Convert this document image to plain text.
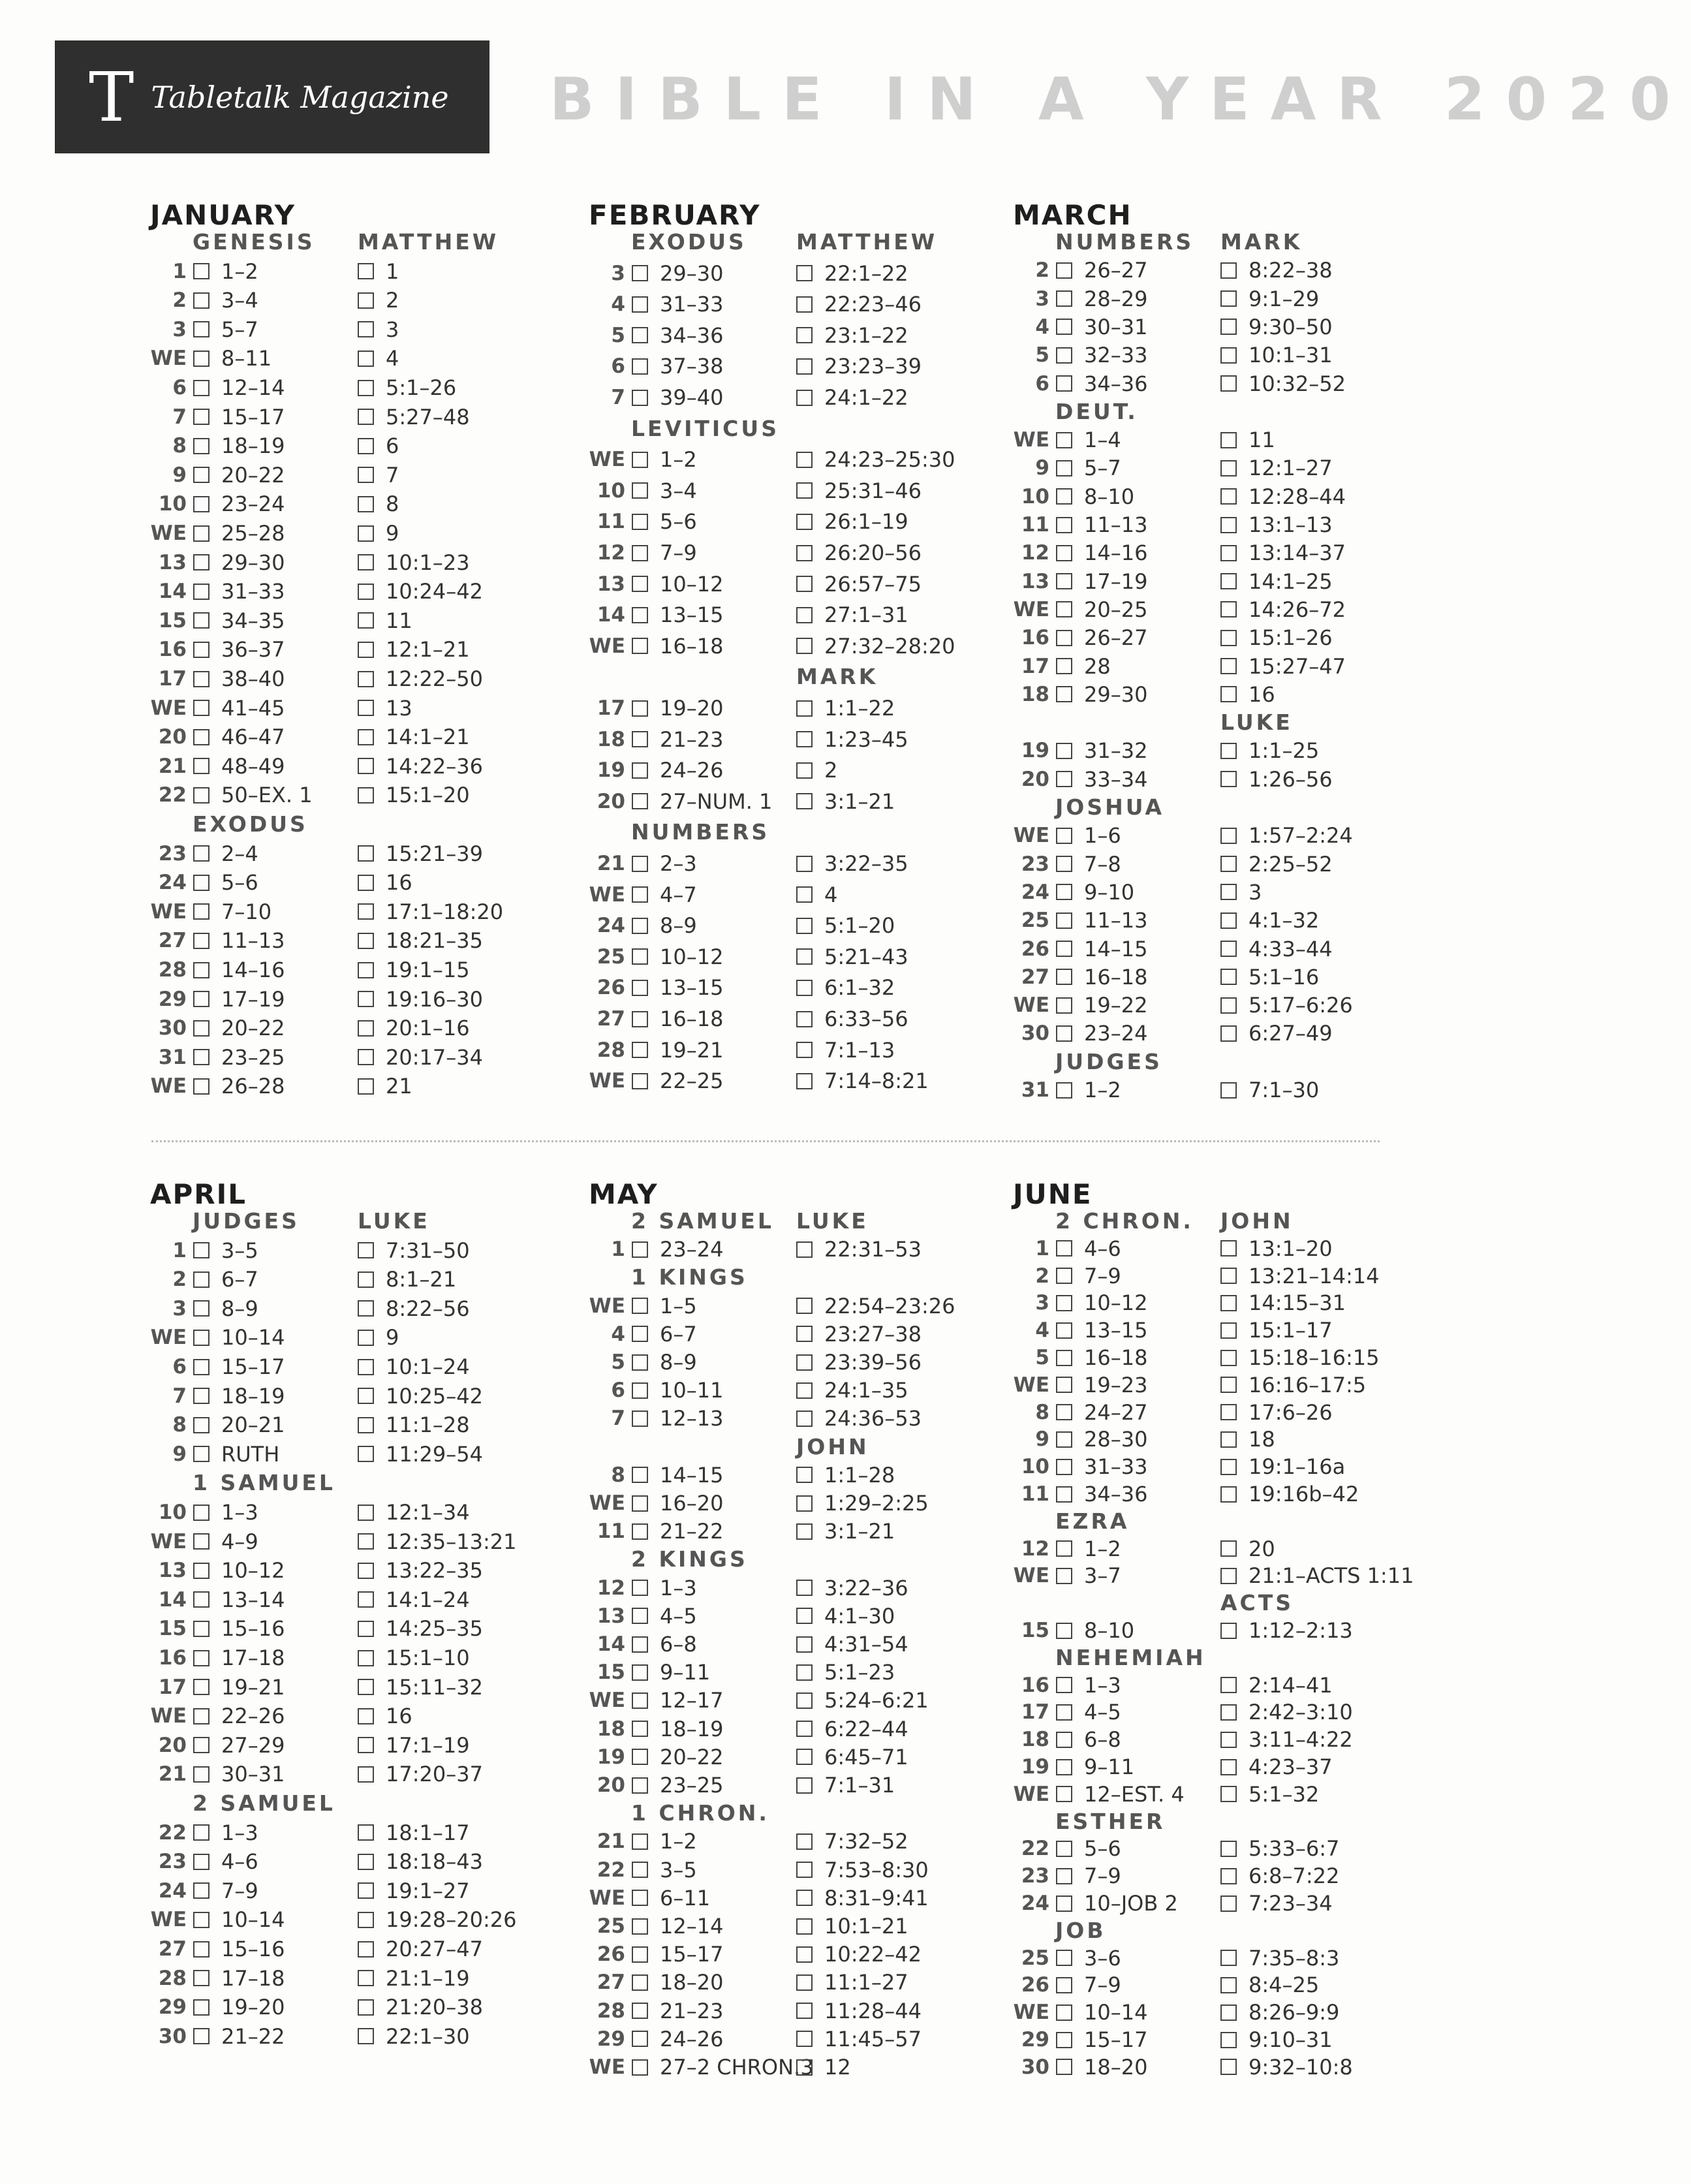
T Tabletalk Magazine BIBLE IN A YEAR 2020
JANUARY
GENESIS
1 1–2
2 3–4
3 5–7
WE 8–11
6 12–14
7 15–17
8 18–19
9 20–22
10 23–24
WE 25–28
13 29–30
14 31–33
15 34–35
16 36–37
17 38–40
WE 41–45
20 46–47
21 48–49
22 50–EX. 1
EXODUS
23 2–4
24 5–6
WE 7–10
27 11–13
28 14–16
29 17–19
30 20–22
31 23–25
WE 26–28
MATTHEW
1
2
3
4
5:1–26
5:27–48
6
7
8
9
10:1–23
10:24–42
11
12:1–21
12:22–50
13
14:1–21
14:22–36
15:1–20
15:21–39
16
17:1–18:20
18:21–35
19:1–15
19:16–30
20:1–16
20:17–34
21
FEBRUARY
EXODUS
3 29–30
4 31–33
5 34–36
6 37–38
7 39–40
LEVITICUS
WE 1–2
10 3–4
11 5–6
12 7–9
13 10–12
14 13–15
WE 16–18
17 19–20
18 21–23
19 24–26
20 27–NUM. 1
NUMBERS
21 2–3
WE 4–7
24 8–9
25 10–12
26 13–15
27 16–18
28 19–21
WE 22–25
MATTHEW
22:1–22
22:23–46
23:1–22
23:23–39
24:1–22
24:23–25:30
25:31–46
26:1–19
26:20–56
26:57–75
27:1–31
27:32–28:20
MARK
1:1–22
1:23–45
2
3:1–21
3:22–35
4
5:1–20
5:21–43
6:1–32
6:33–56
7:1–13
7:14–8:21
MARCH
NUMBERS
2 26–27
3 28–29
4 30–31
5 32–33
6 34–36
DEUT.
WE 1–4
9 5–7
10 8–10
11 11–13
12 14–16
13 17–19
WE 20–25
16 26–27
17 28
18 29–30
19 31–32
20 33–34
JOSHUA
WE 1–6
23 7–8
24 9–10
25 11–13
26 14–15
27 16–18
WE 19–22
30 23–24
JUDGES
31 1–2
MARK
8:22–38
9:1–29
9:30–50
10:1–31
10:32–52
11
12:1–27
12:28–44
13:1–13
13:14–37
14:1–25
14:26–72
15:1–26
15:27–47
16
LUKE
1:1–25
1:26–56
1:57–2:24
2:25–52
3
4:1–32
4:33–44
5:1–16
5:17–6:26
6:27–49
7:1–30
APRIL
JUDGES
1 3–5
2 6–7
3 8–9
WE 10–14
6 15–17
7 18–19
8 20–21
9 RUTH
1 SAMUEL
10 1–3
WE 4–9
13 10–12
14 13–14
15 15–16
16 17–18
17 19–21
WE 22–26
20 27–29
21 30–31
2 SAMUEL
22 1–3
23 4–6
24 7–9
WE 10–14
27 15–16
28 17–18
29 19–20
30 21–22
LUKE
7:31–50
8:1–21
8:22–56
9
10:1–24
10:25–42
11:1–28
11:29–54
12:1–34
12:35–13:21
13:22–35
14:1–24
14:25–35
15:1–10
15:11–32
16
17:1–19
17:20–37
18:1–17
18:18–43
19:1–27
19:28–20:26
20:27–47
21:1–19
21:20–38
22:1–30
MAY
2 SAMUEL
1 23–24
1 KINGS
WE 1–5
4 6–7
5 8–9
6 10–11
7 12–13
8 14–15
WE 16–20
11 21–22
2 KINGS
12 1–3
13 4–5
14 6–8
15 9–11
WE 12–17
18 18–19
19 20–22
20 23–25
1 CHRON.
21 1–2
22 3–5
WE 6–11
25 12–14
26 15–17
27 18–20
28 21–23
29 24–26
WE 27–2 CHRON.3
LUKE
22:31–53
22:54–23:26
23:27–38
23:39–56
24:1–35
24:36–53
JOHN
1:1–28
1:29–2:25
3:1–21
3:22–36
4:1–30
4:31–54
5:1–23
5:24–6:21
6:22–44
6:45–71
7:1–31
7:32–52
7:53–8:30
8:31–9:41
10:1–21
10:22–42
11:1–27
11:28–44
11:45–57
12
JUNE
2 CHRON.
1 4–6
2 7–9
3 10–12
4 13–15
5 16–18
WE 19–23
8 24–27
9 28–30
10 31–33
11 34–36
EZRA
12 1–2
WE 3–7
15 8–10
NEHEMIAH
16 1–3
17 4–5
18 6–8
19 9–11
WE 12–EST. 4
ESTHER
22 5–6
23 7–9
24 10–JOB 2
JOB
25 3–6
26 7–9
WE 10–14
29 15–17
30 18–20
JOHN
13:1–20
13:21–14:14
14:15–31
15:1–17
15:18–16:15
16:16–17:5
17:6–26
18
19:1–16a
19:16b–42
20
21:1–ACTS 1:11
ACTS
1:12–2:13
2:14–41
2:42–3:10
3:11–4:22
4:23–37
5:1–32
5:33–6:7
6:8–7:22
7:23–34
7:35–8:3
8:4–25
8:26–9:9
9:10–31
9:32–10:8
